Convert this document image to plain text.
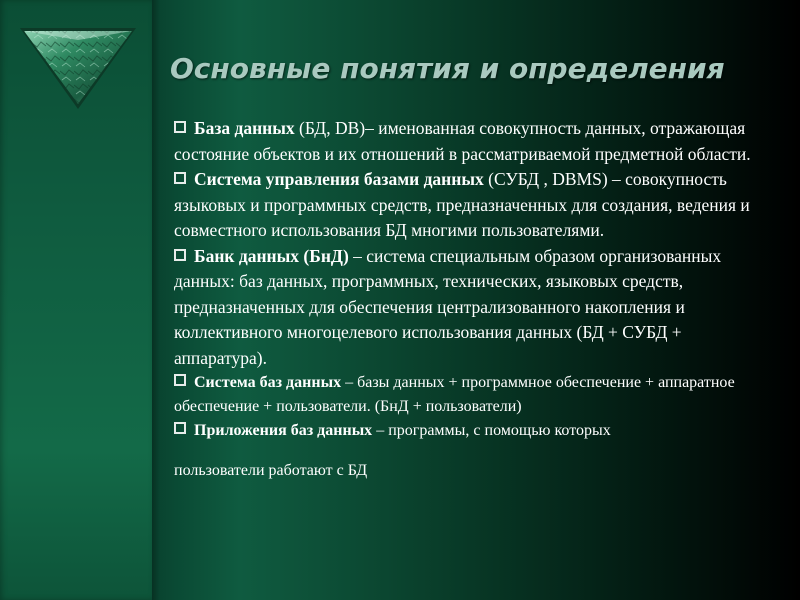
Основные понятия и определения

База данных (БД, DB)– именованная совокупность данных, отражающая состояние объектов и их отношений в рассматриваемой предметной области.

Система управления базами данных (СУБД , DBMS) – совокупность языковых и программных средств, предназначенных для создания, ведения и совместного использования БД многими пользователями.

Банк данных (БнД) – система специальным образом организованных данных: баз данных, программных, технических, языковых средств, предназначенных для обеспечения централизованного накопления и коллективного многоцелевого использования данных (БД + СУБД + аппаратура).

Система баз данных – базы данных + программное обеспечение + аппаратное обеспечение + пользователи. (БнД + пользователи)

Приложения баз данных – программы, с помощью которых

пользователи работают с БД
